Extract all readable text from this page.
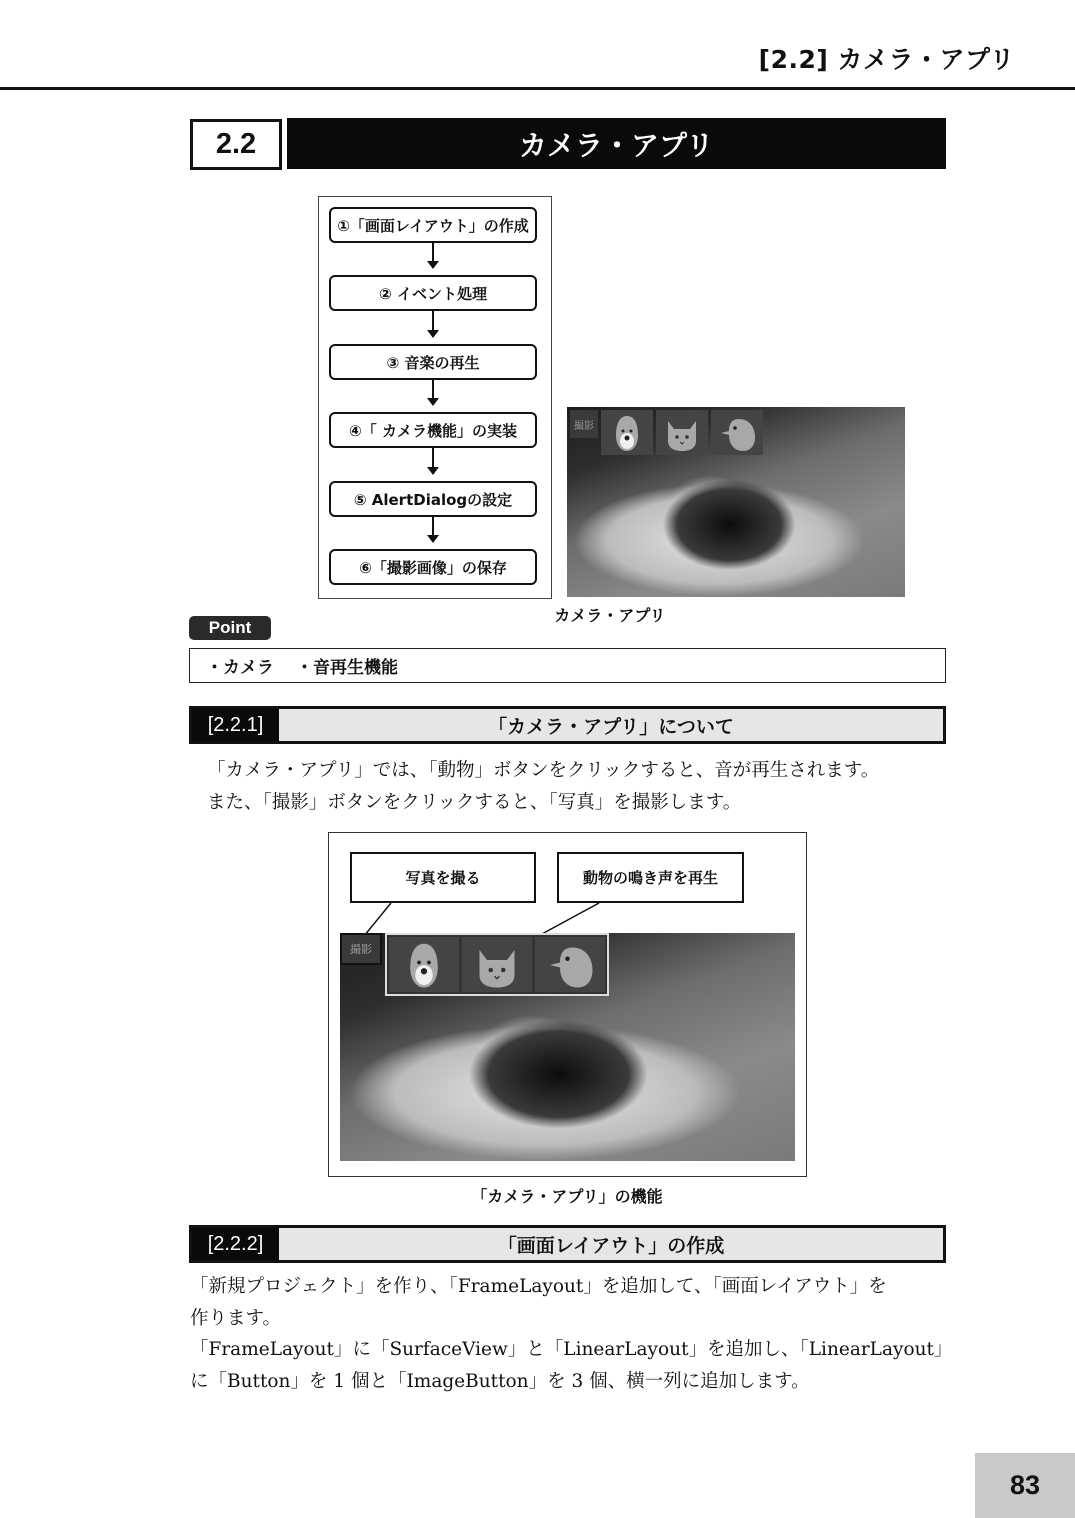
[2.2] カメラ・アプリ
2.2	カメラ・アプリ
①「画面レイアウト」の作成
② イベント処理
③ 音楽の再生
④「 カメラ機能」の実装
⑤ AlertDialogの設定
⑥「撮影画像」の保存
撮影
カメラ・アプリ
Point
・カメラ ・音再生機能
[2.2.1]	「カメラ・アプリ」について
「カメラ・アプリ」では、「動物」ボタンをクリックすると、音が再生されます。
また、「撮影」ボタンをクリックすると、「写真」を撮影します。
写真を撮る	動物の鳴き声を再生
撮影
「カメラ・アプリ」の機能
[2.2.2]	「画面レイアウト」の作成
「新規プロジェクト」を作り、「FrameLayout」を追加して、「画面レイアウト」を
作ります。
「FrameLayout」に「SurfaceView」と「LinearLayout」を追加し、「LinearLayout」
に「Button」を 1 個と「ImageButton」を 3 個、横一列に追加します。
83
